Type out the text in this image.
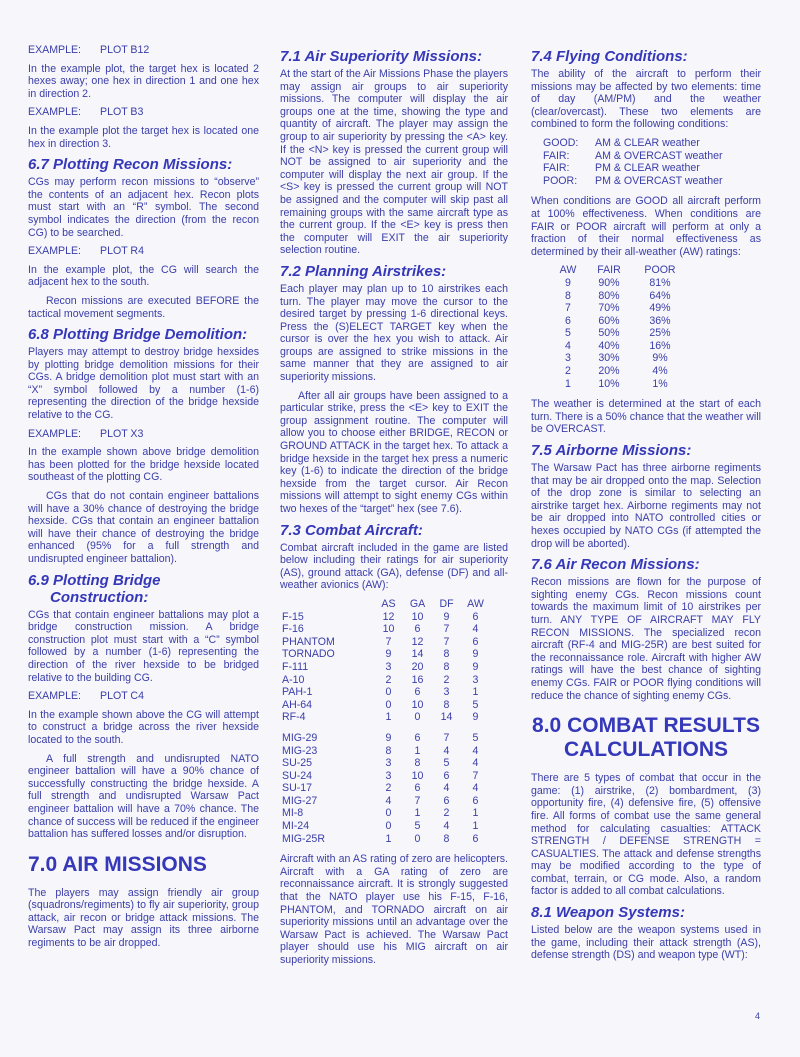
EXAMPLE: PLOT B12

In the example plot, the target hex is located 2 hexes away; one hex in direction 1 and one hex in direction 2.

EXAMPLE: PLOT B3

In the example plot the target hex is located one hex in direction 3.

6.7 Plotting Recon Missions:

CGs may perform recon missions to “observe” the contents of an adjacent hex. Recon plots must start with an “R” symbol. The second symbol indicates the direction (from the recon CG) to be searched.

EXAMPLE: PLOT R4

In the example plot, the CG will search the adjacent hex to the south.

Recon missions are executed BEFORE the tactical movement segments.

6.8 Plotting Bridge Demolition:

Players may attempt to destroy bridge hexsides by plotting bridge demolition missions for their CGs. A bridge demolition plot must start with an “X” symbol followed by a number (1-6) representing the direction of the bridge hexside relative to the CG.

EXAMPLE: PLOT X3

In the example shown above bridge demolition has been plotted for the bridge hexside located southeast of the plotting CG.

CGs that do not contain engineer battalions will have a 30% chance of destroying the bridge hexside. CGs that contain an engineer battalion will have their chance of destroying the bridge enhanced (95% for a full strength and undisrupted engineer battalion).

6.9 Plotting Bridge Construction:

CGs that contain engineer battalions may plot a bridge construction mission. A bridge construction plot must start with a “C” symbol followed by a number (1-6) representing the direction of the river hexside to be bridged relative to the building CG.

EXAMPLE: PLOT C4

In the example shown above the CG will attempt to construct a bridge across the river hexside located to the south.

A full strength and undisrupted NATO engineer battalion will have a 90% chance of successfully constructing the bridge hexside. A full strength and undisrupted Warsaw Pact engineer battalion will have a 70% chance. The chance of success will be reduced if the engineer battalion has suffered losses and/or disruption.

7.0 AIR MISSIONS

The players may assign friendly air group (squadrons/regiments) to fly air superiority, group attack, air recon or bridge attack missions. The Warsaw Pact may assign its three airborne regiments to be air dropped.

7.1 Air Superiority Missions:

At the start of the Air Missions Phase the players may assign air groups to air superiority missions. The computer will display the air groups one at the time, showing the type and quantity of aircraft. The player may assign the group to air superiority by pressing the <A> key. If the <N> key is pressed the current group will NOT be assigned to air superiority and the computer will display the next air group. If the <S> key is pressed the current group will NOT be assigned and the computer will skip past all remaining groups with the same aircraft type as the current group. If the <E> key is press then the computer will EXIT the air superiority selection routine.

7.2 Planning Airstrikes:

Each player may plan up to 10 airstrikes each turn. The player may move the cursor to the desired target by pressing 1-6 directional keys. Press the (S)ELECT TARGET key when the cursor is over the hex you wish to attack. Air groups are assigned to strike missions in the same manner that they are assigned to air superiority missions.

After all air groups have been assigned to a particular strike, press the <E> key to EXIT the group assignment routine. The computer will allow you to choose either BRIDGE, RECON or GROUND ATTACK in the target hex. To attack a bridge hexside in the target hex press a numeric key (1-6) to indicate the direction of the bridge hexside from the target cursor. Air Recon missions will attempt to sight enemy CGs within two hexes of the “target” hex (see 7.6).

7.3 Combat Aircraft:

Combat aircraft included in the game are listed below including their ratings for air superiority (AS), ground attack (GA), defense (DF) and all-weather avionics (AW):

	AS	GA	DF	AW
F-15	12	10	9	6
F-16	10	6	7	4
PHANTOM	7	12	7	6
TORNADO	9	14	8	9
F-111	3	20	8	9
A-10	2	16	2	3
PAH-1	0	6	3	1
AH-64	0	10	8	5
RF-4	1	0	14	9
MIG-29	9	6	7	5
MIG-23	8	1	4	4
SU-25	3	8	5	4
SU-24	3	10	6	7
SU-17	2	6	4	4
MIG-27	4	7	6	6
MI-8	0	1	2	1
MI-24	0	5	4	1
MIG-25R	1	0	8	6

Aircraft with an AS rating of zero are helicopters. Aircraft with a GA rating of zero are reconnaissance aircraft. It is strongly suggested that the NATO player use his F-15, F-16, PHANTOM, and TORNADO aircraft on air superiority missions until an advantage over the Warsaw Pact is achieved. The Warsaw Pact player should use his MIG aircraft on air superiority missions.

7.4 Flying Conditions:

The ability of the aircraft to perform their missions may be affected by two elements: time of day (AM/PM) and the weather (clear/overcast). These two elements are combined to form the following conditions:

GOOD:	AM & CLEAR weather
FAIR:	AM & OVERCAST weather
FAIR:	PM & CLEAR weather
POOR:	PM & OVERCAST weather

When conditions are GOOD all aircraft perform at 100% effectiveness. When conditions are FAIR or POOR aircraft will perform at only a fraction of their normal effectiveness as determined by their all-weather (AW) ratings:

AW	FAIR	POOR
9	90%	81%
8	80%	64%
7	70%	49%
6	60%	36%
5	50%	25%
4	40%	16%
3	30%	9%
2	20%	4%
1	10%	1%

The weather is determined at the start of each turn. There is a 50% chance that the weather will be OVERCAST.

7.5 Airborne Missions:

The Warsaw Pact has three airborne regiments that may be air dropped onto the map. Selection of the drop zone is similar to selecting an airstrike target hex. Airborne regiments may not be air dropped into NATO controlled cities or hexes occupied by NATO CGs (if attempted the drop will be aborted).

7.6 Air Recon Missions:

Recon missions are flown for the purpose of sighting enemy CGs. Recon missions count towards the maximum limit of 10 airstrikes per turn. ANY TYPE OF AIRCRAFT MAY FLY RECON MISSIONS. The specialized recon aircraft (RF-4 and MIG-25R) are best suited for the reconnaissance role. Aircraft with higher AW ratings will have the best chance of sighting enemy CGs. FAIR or POOR flying conditions will reduce the chance of sighting enemy CGs.

8.0 COMBAT RESULTS CALCULATIONS

There are 5 types of combat that occur in the game: (1) airstrike, (2) bombardment, (3) opportunity fire, (4) defensive fire, (5) offensive fire. All forms of combat use the same general method for calculating casualties: ATTACK STRENGTH / DEFENSE STRENGTH = CASUALTIES. The attack and defense strengths may be modified according to the type of combat, terrain, or CG mode. Also, a random factor is added to all combat calculations.

8.1 Weapon Systems:

Listed below are the weapon systems used in the game, including their attack strength (AS), defense strength (DS) and weapon type (WT):

4
